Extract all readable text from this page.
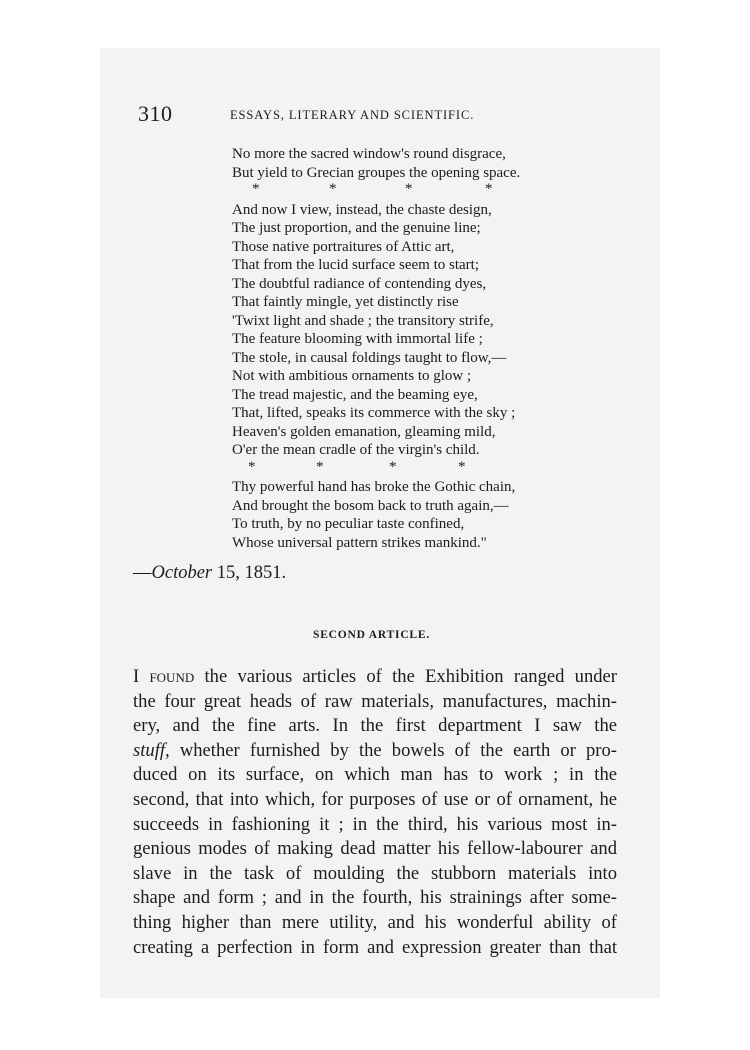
310	ESSAYS, LITERARY AND SCIENTIFIC.
No more the sacred window's round disgrace,
But yield to Grecian groupes the opening space.
*	*	*	*
And now I view, instead, the chaste design,
The just proportion, and the genuine line;
Those native portraitures of Attic art,
That from the lucid surface seem to start;
The doubtful radiance of contending dyes,
That faintly mingle, yet distinctly rise
'Twixt light and shade ; the transitory strife,
The feature blooming with immortal life ;
The stole, in causal foldings taught to flow,—
Not with ambitious ornaments to glow ;
The tread majestic, and the beaming eye,
That, lifted, speaks its commerce with the sky ;
Heaven's golden emanation, gleaming mild,
O'er the mean cradle of the virgin's child.
*	*	*	*
Thy powerful hand has broke the Gothic chain,
And brought the bosom back to truth again,—
To truth, by no peculiar taste confined,
Whose universal pattern strikes mankind."

—October 15, 1851.

SECOND ARTICLE.
I found the various articles of the Exhibition ranged under
the four great heads of raw materials, manufactures, machin-
ery, and the fine arts. In the first department I saw the
stuff, whether furnished by the bowels of the earth or pro-
duced on its surface, on which man has to work ; in the
second, that into which, for purposes of use or of ornament, he
succeeds in fashioning it ; in the third, his various most in-
genious modes of making dead matter his fellow-labourer and
slave in the task of moulding the stubborn materials into
shape and form ; and in the fourth, his strainings after some-
thing higher than mere utility, and his wonderful ability of
creating a perfection in form and expression greater than that
